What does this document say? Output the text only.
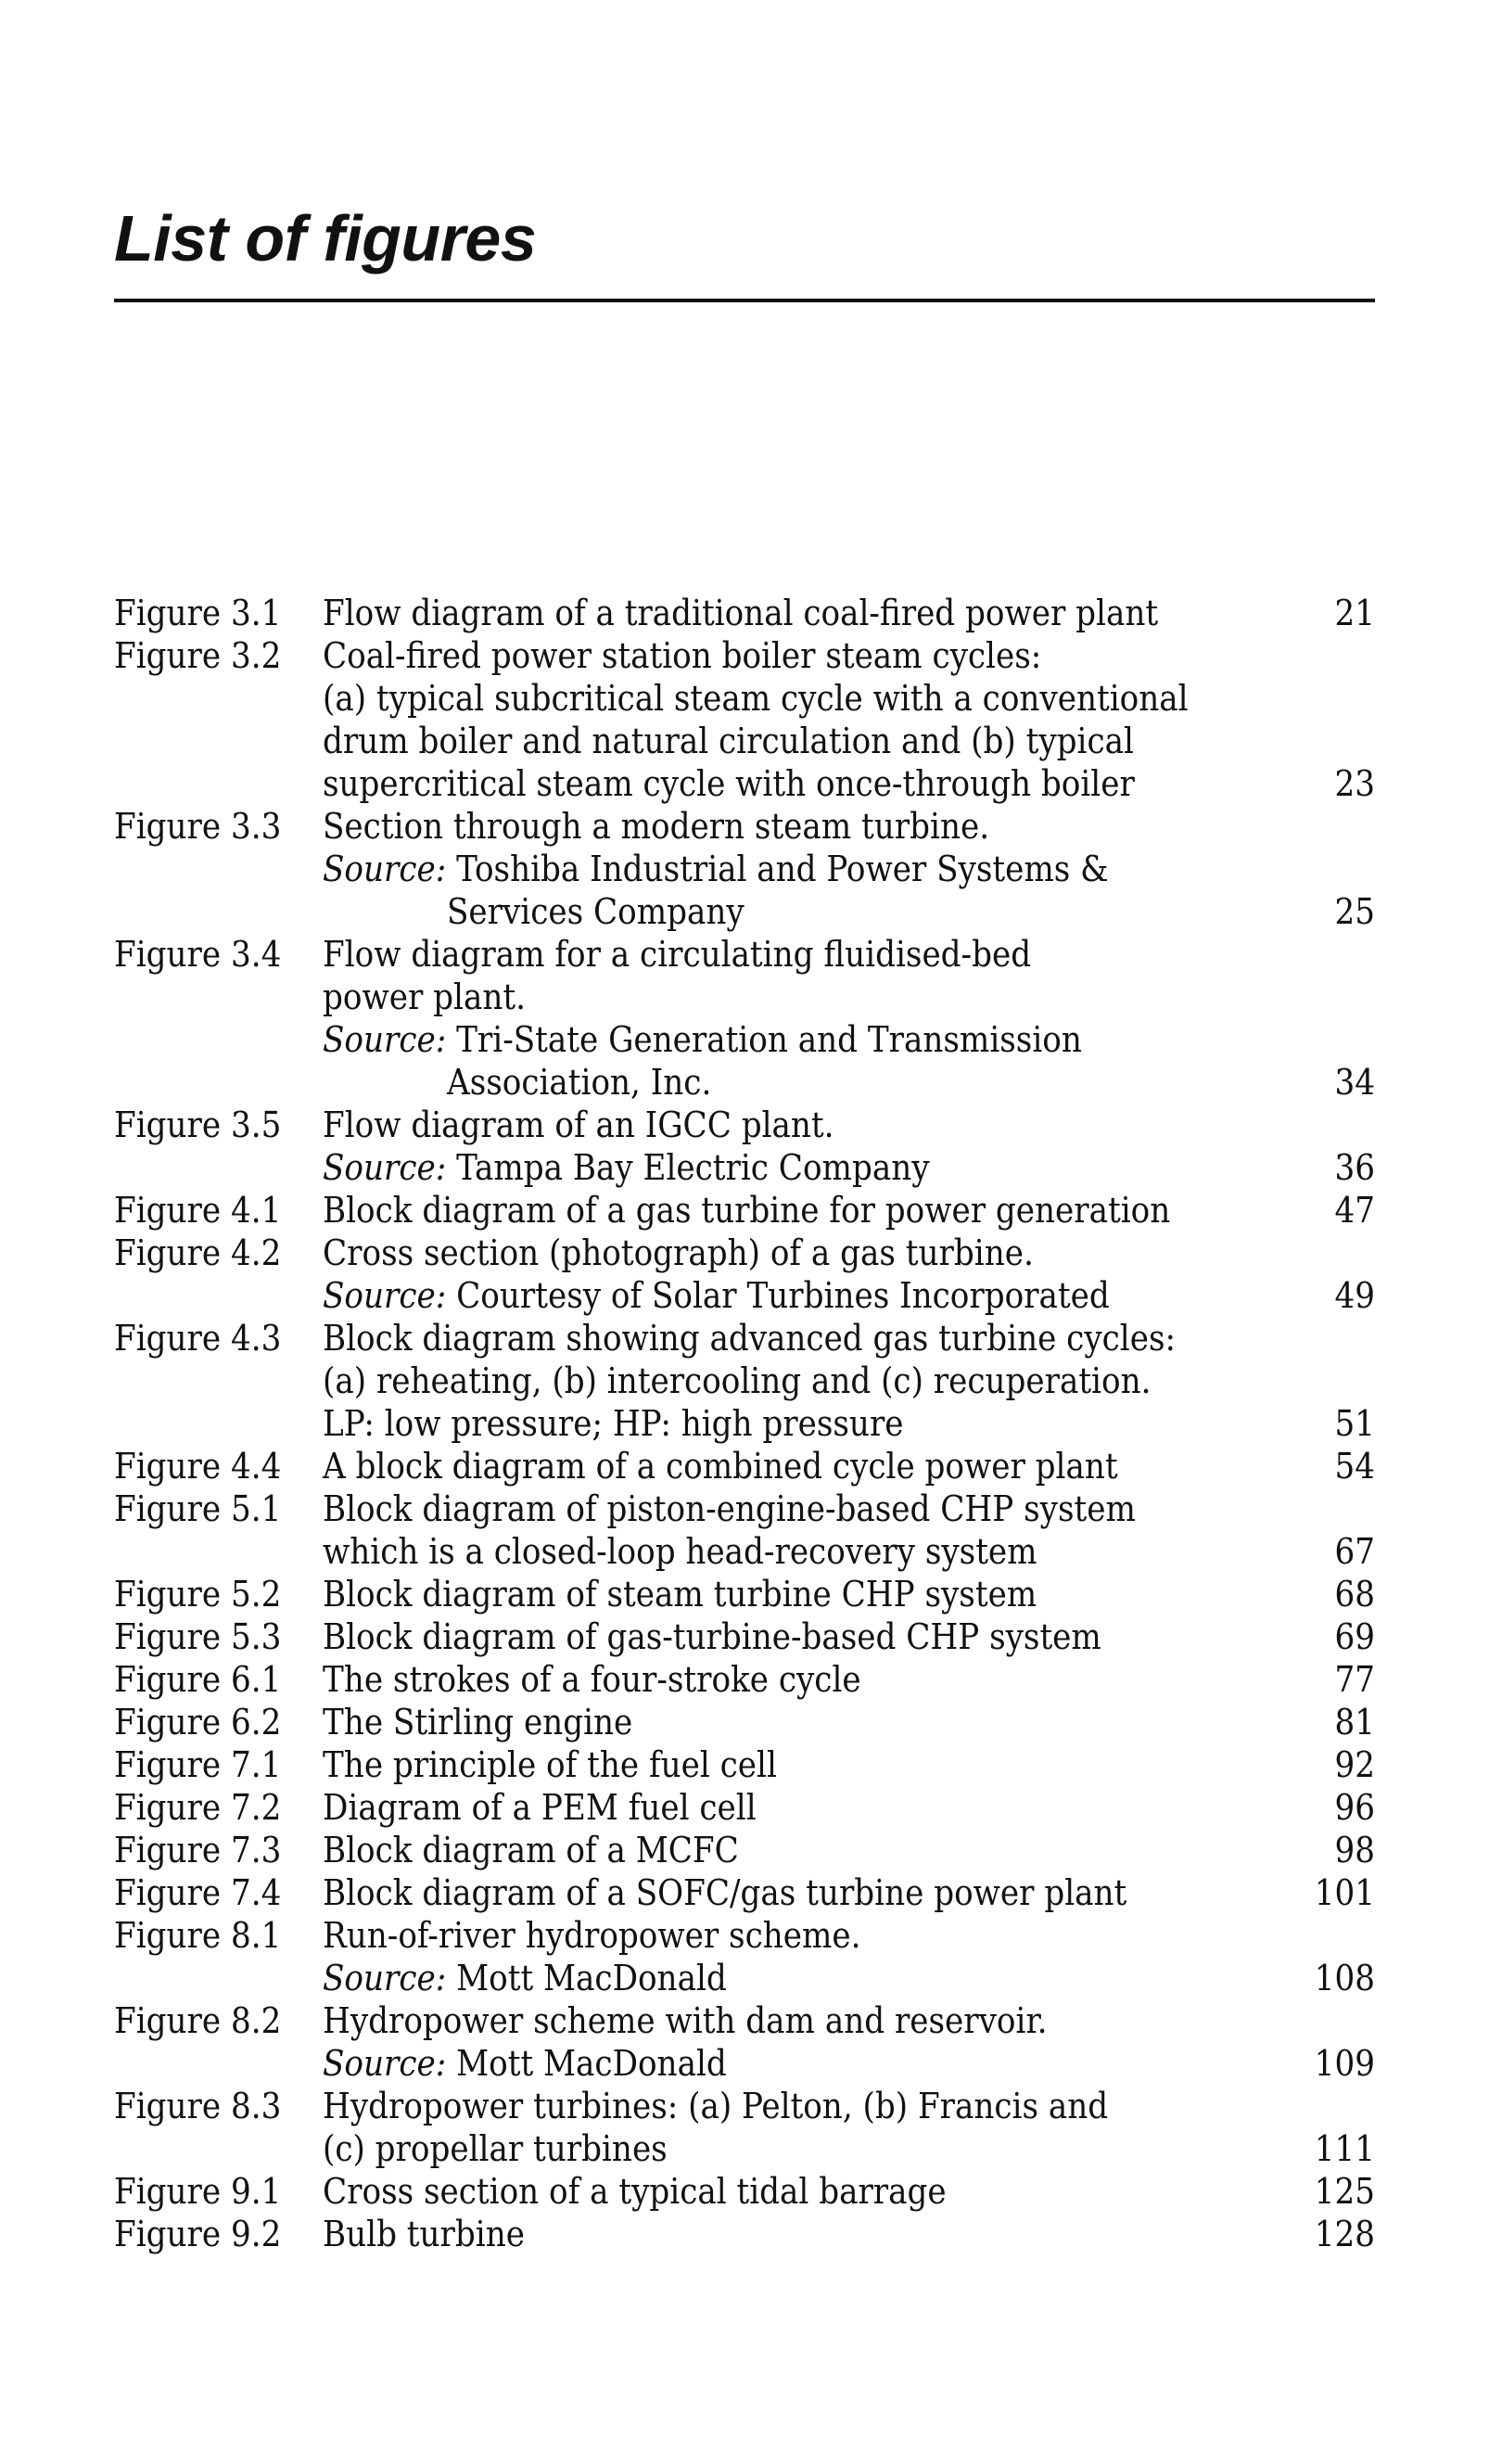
List of figures
Figure 3.1	Flow diagram of a traditional coal-fired power plant	21
Figure 3.2	Coal-fired power station boiler steam cycles:
(a) typical subcritical steam cycle with a conventional
drum boiler and natural circulation and (b) typical
supercritical steam cycle with once-through boiler	23
Figure 3.3	Section through a modern steam turbine.
Source: Toshiba Industrial and Power Systems &
Services Company	25
Figure 3.4	Flow diagram for a circulating fluidised-bed
power plant.
Source: Tri-State Generation and Transmission
Association, Inc.	34
Figure 3.5	Flow diagram of an IGCC plant.
Source: Tampa Bay Electric Company	36
Figure 4.1	Block diagram of a gas turbine for power generation	47
Figure 4.2	Cross section (photograph) of a gas turbine.
Source: Courtesy of Solar Turbines Incorporated	49
Figure 4.3	Block diagram showing advanced gas turbine cycles:
(a) reheating, (b) intercooling and (c) recuperation.
LP: low pressure; HP: high pressure	51
Figure 4.4	A block diagram of a combined cycle power plant	54
Figure 5.1	Block diagram of piston-engine-based CHP system
which is a closed-loop head-recovery system	67
Figure 5.2	Block diagram of steam turbine CHP system	68
Figure 5.3	Block diagram of gas-turbine-based CHP system	69
Figure 6.1	The strokes of a four-stroke cycle	77
Figure 6.2	The Stirling engine	81
Figure 7.1	The principle of the fuel cell	92
Figure 7.2	Diagram of a PEM fuel cell	96
Figure 7.3	Block diagram of a MCFC	98
Figure 7.4	Block diagram of a SOFC/gas turbine power plant	101
Figure 8.1	Run-of-river hydropower scheme.
Source: Mott MacDonald	108
Figure 8.2	Hydropower scheme with dam and reservoir.
Source: Mott MacDonald	109
Figure 8.3	Hydropower turbines: (a) Pelton, (b) Francis and
(c) propellar turbines	111
Figure 9.1	Cross section of a typical tidal barrage	125
Figure 9.2	Bulb turbine	128
